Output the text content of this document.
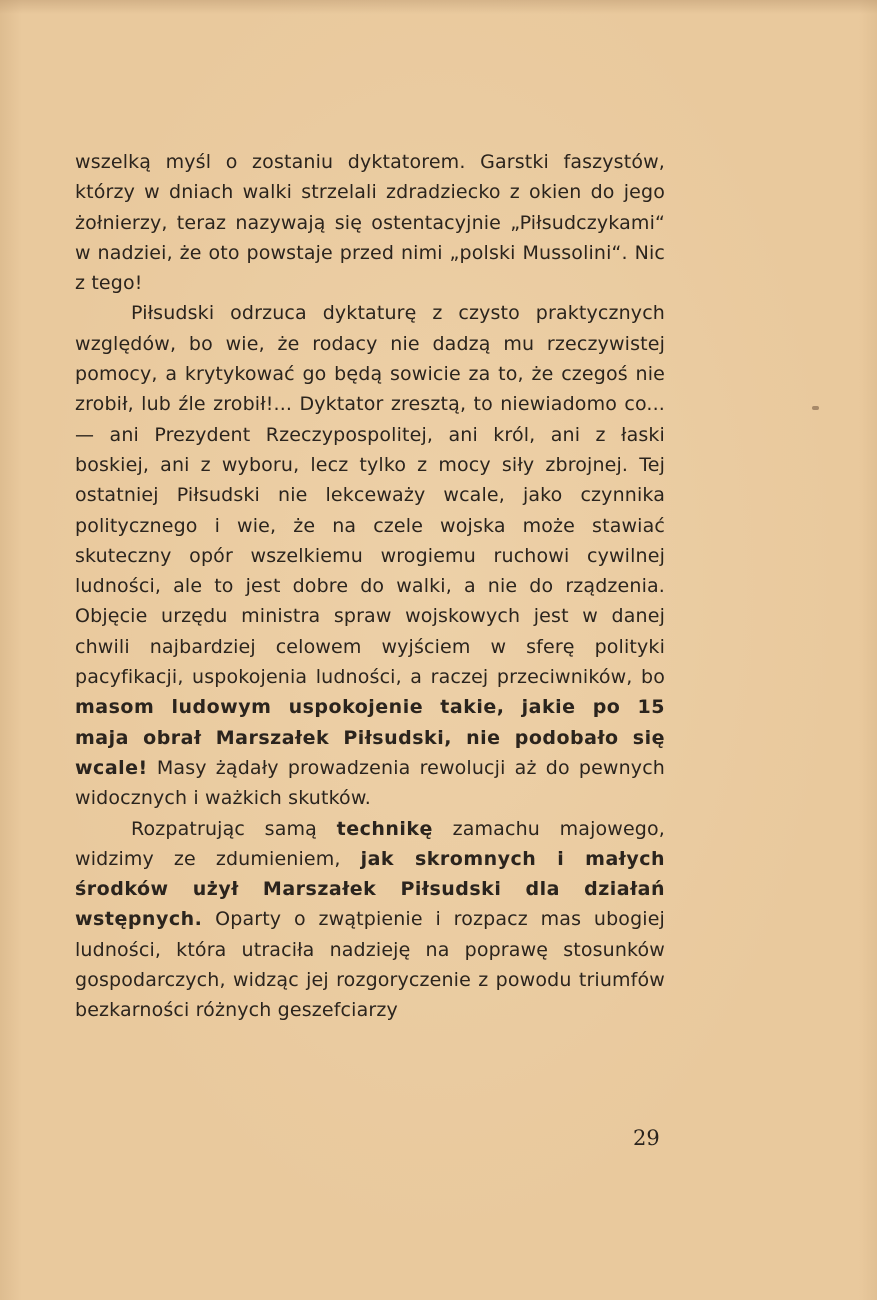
wszelką myśl o zostaniu dyktatorem. Garstki faszystów, którzy w dniach walki strzelali zdradziecko z okien do jego żołnierzy, teraz nazywają się ostentacyjnie „Piłsudczykami“ w nadziei, że oto powstaje przed nimi „polski Mussolini“. Nic z tego!

Piłsudski odrzuca dyktaturę z czysto praktycznych względów, bo wie, że rodacy nie dadzą mu rzeczywistej pomocy, a krytykować go będą sowicie za to, że czegoś nie zrobił, lub źle zrobił!... Dyktator zresztą, to niewiadomo co... — ani Prezydent Rzeczypospolitej, ani król, ani z łaski boskiej, ani z wyboru, lecz tylko z mocy siły zbrojnej. Tej ostatniej Piłsudski nie lekceważy wcale, jako czynnika politycznego i wie, że na czele wojska może stawiać skuteczny opór wszelkiemu wrogiemu ruchowi cywilnej ludności, ale to jest dobre do walki, a nie do rządzenia. Objęcie urzędu ministra spraw wojskowych jest w danej chwili najbardziej celowem wyjściem w sferę polityki pacyfikacji, uspokojenia ludności, a raczej przeciwników, bo masom ludowym uspokojenie takie, jakie po 15 maja obrał Marszałek Piłsudski, nie podobało się wcale! Masy żądały prowadzenia rewolucji aż do pewnych widocznych i ważkich skutków.

Rozpatrując samą technikę zamachu majowego, widzimy ze zdumieniem, jak skromnych i małych środków użył Marszałek Piłsudski dla działań wstępnych. Oparty o zwątpienie i rozpacz mas ubogiej ludności, która utraciła nadzieję na poprawę stosunków gospodarczych, widząc jej rozgoryczenie z powodu triumfów bezkarności różnych geszefciarzy

29
